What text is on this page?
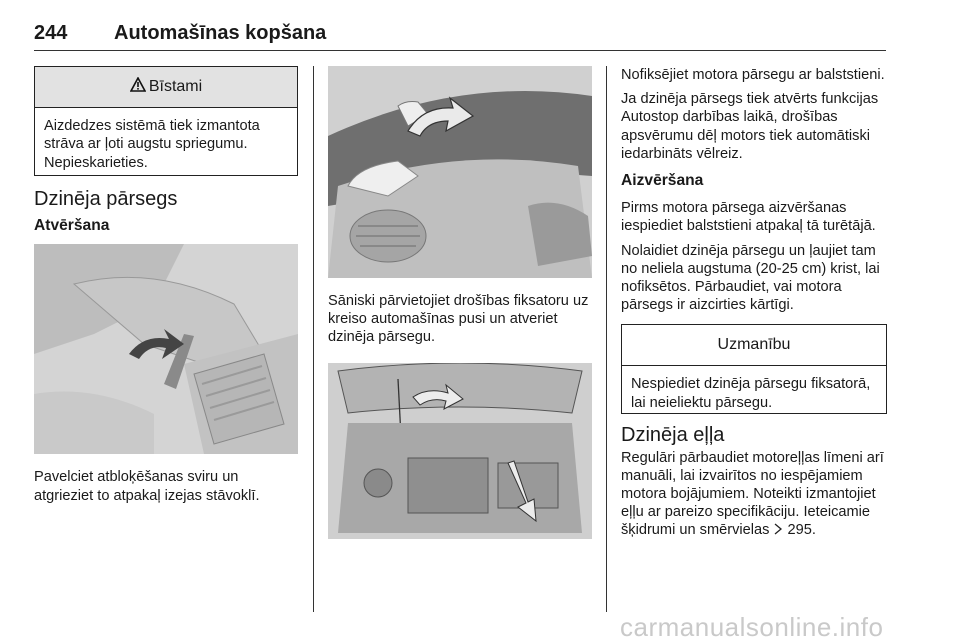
244 Automašīnas kopšana
Bīstami
Aizdedzes sistēmā tiek izmantota strāva ar ļoti augstu spriegumu. Nepieskarieties.
Dzinēja pārsegs
Atvēršana
Pavelciet atbloķēšanas sviru un atgrieziet to atpakaļ izejas stāvoklī.
Sāniski pārvietojiet drošības fiksatoru uz kreiso automašīnas pusi un atveriet dzinēja pārsegu.

Nofiksējiet motora pārsegu ar balststieni.

Ja dzinēja pārsegs tiek atvērts funkcijas Autostop darbības laikā, drošības apsvērumu dēļ motors tiek automātiski iedarbināts vēlreiz.

Aizvēršana

Pirms motora pārsega aizvēršanas iespiediet balststieni atpakaļ tā turētājā.

Nolaidiet dzinēja pārsegu un ļaujiet tam no neliela augstuma (20-25 cm) krist, lai nofiksētos. Pārbaudiet, vai motora pārsegs ir aizcirties kārtīgi.

Uzmanību
Nespiediet dzinēja pārsegu fiksatorā, lai neieliektu pārsegu.
Dzinēja eļļa
Regulāri pārbaudiet motoreļļas līmeni arī manuāli, lai izvairītos no iespējamiem motora bojājumiem. Noteikti izmantojiet eļļu ar pareizo specifikāciju. Ieteicamie šķidrumi un smērvielas 295.
carmanualsonline.info
